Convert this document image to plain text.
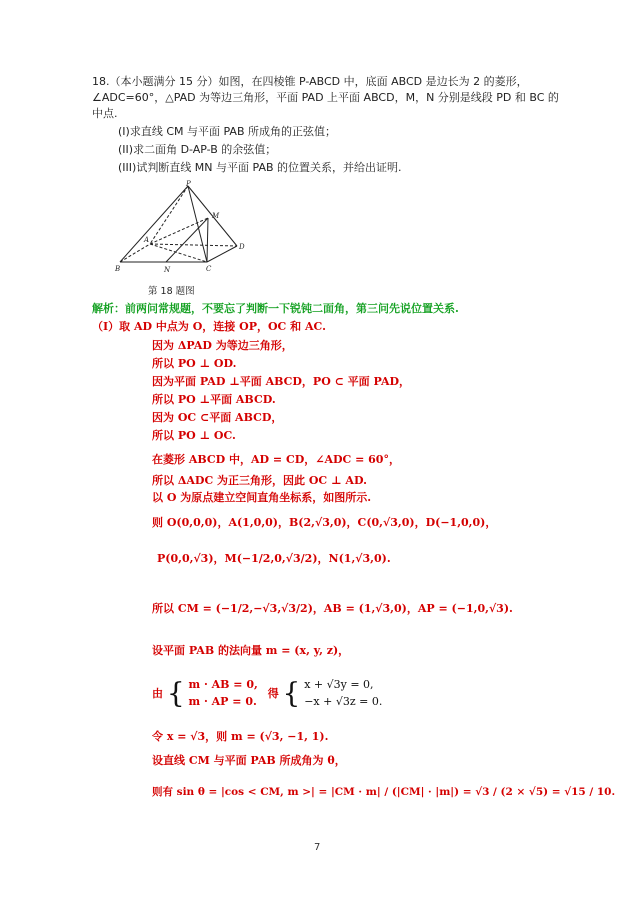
18.（本小题满分 15 分）如图，在四棱锥 P-ABCD 中，底面 ABCD 是边长为 2 的菱形，
∠ADC=60°，△PAD 为等边三角形，平面 PAD 上平面 ABCD，M，N 分别是线段 PD 和 BC 的
中点.
(I)求直线 CM 与平面 PAB 所成角的正弦值；
(II)求二面角 D-AP-B 的余弦值；
(III)试判断直线 MN 与平面 PAB 的位置关系，并给出证明.
P
M
A
D
B	N	C
第 18 题图
解析：前两问常规题，不要忘了判断一下锐钝二面角，第三问先说位置关系.
（Ⅰ）取 AD 中点为 O，连接 OP，OC 和 AC.
因为 ΔPAD 为等边三角形，
所以 PO ⊥ OD.
因为平面 PAD ⊥平面 ABCD，PO ⊂ 平面 PAD，
所以 PO ⊥平面 ABCD.
因为 OC ⊂平面 ABCD，
所以 PO ⊥ OC.
在菱形 ABCD 中，AD = CD，∠ADC = 60°，
所以 ΔADC 为正三角形，因此 OC ⊥ AD.
以 O 为原点建立空间直角坐标系，如图所示.
则 O(0,0,0)，A(1,0,0)，B(2,√3,0)，C(0,√3,0)，D(−1,0,0)，
P(0,0,√3)，M(−1/2,0,√3/2)，N(1,√3,0).
所以 CM = (−1/2,−√3,√3/2)，AB = (1,√3,0)，AP = (−1,0,√3).
设平面 PAB 的法向量 m = (x, y, z)，
由 { m · AB = 0,
m · AP = 0.
得 { x + √3y = 0,
−x + √3z = 0.
令 x = √3，则 m = (√3, −1, 1).
设直线 CM 与平面 PAB 所成角为 θ，
则有 sin θ = |cos < CM, m >| = |CM · m| / (|CM| · |m|) = √3 / (2 × √5) = √15 / 10.
7
